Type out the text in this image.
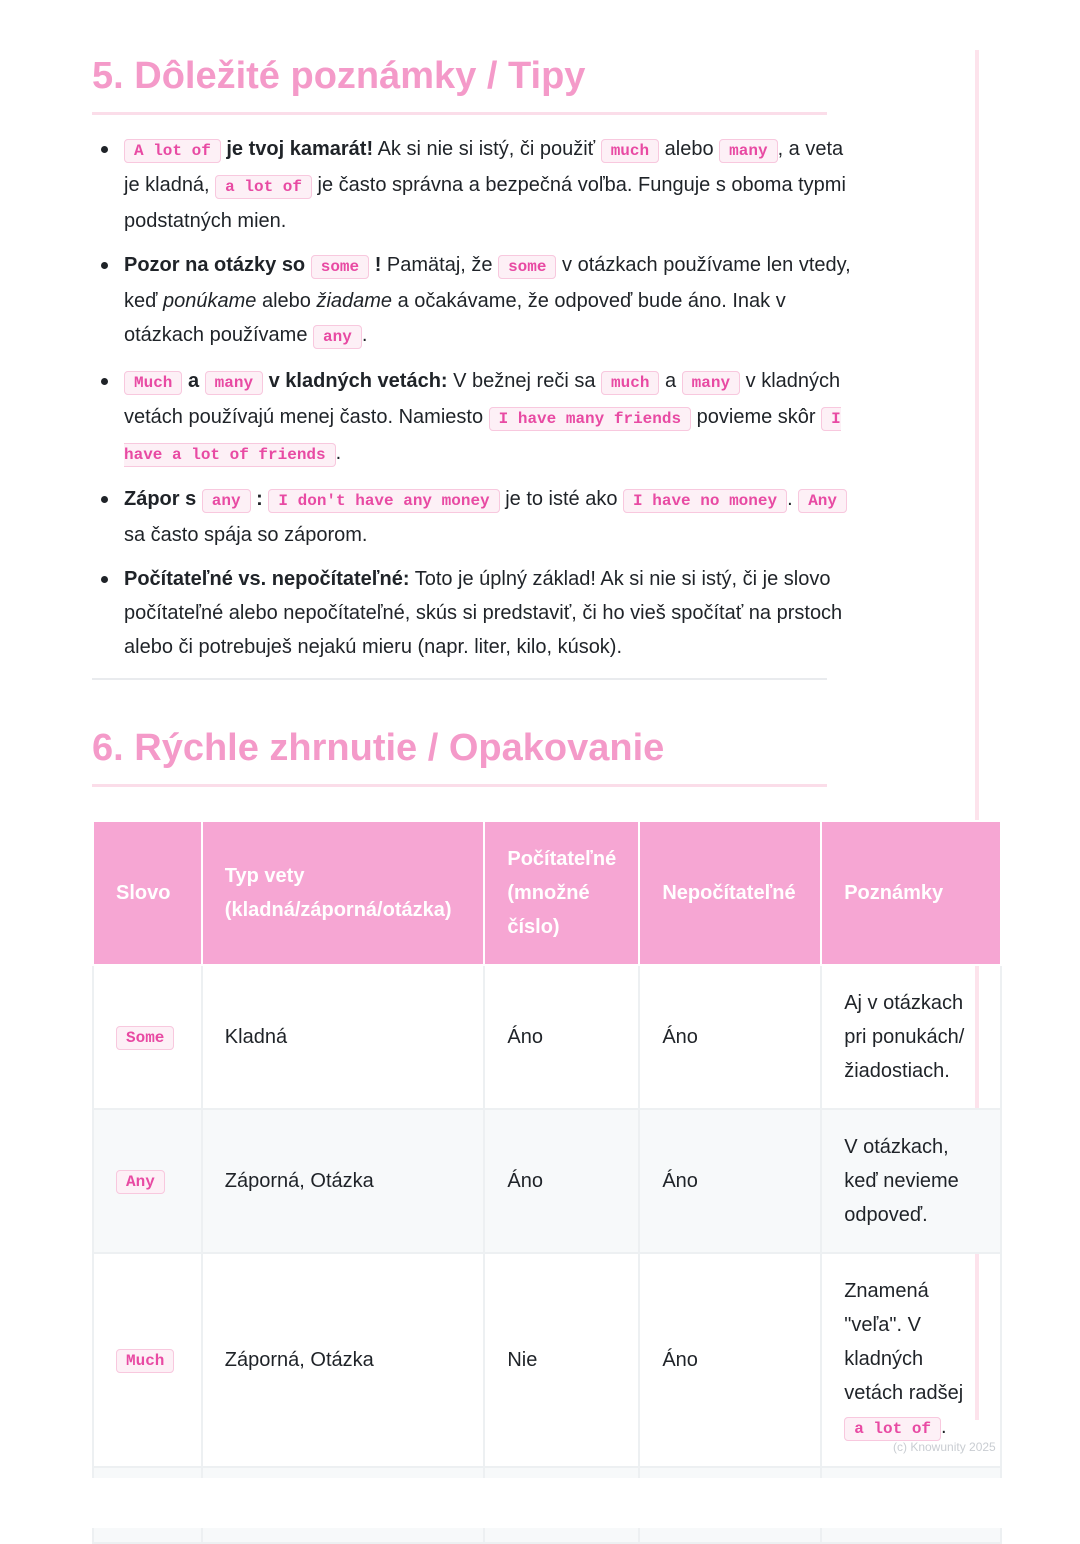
5. Dôležité poznámky / Tipy
A lot of je tvoj kamarát! Ak si nie si istý, či použiť much alebo many , a veta je kladná, a lot of je často správna a bezpečná voľba. Funguje s oboma typmi podstatných mien.
Pozor na otázky so some ! Pamätaj, že some v otázkach používame len vtedy, keď ponúkame alebo žiadame a očakávame, že odpoveď bude áno. Inak v otázkach používame any .
Much a many v kladných vetách: V bežnej reči sa much a many v kladných vetách používajú menej často. Namiesto I have many friends povieme skôr I have a lot of friends .
Zápor s any : I don't have any money je to isté ako I have no money . Any sa často spája so záporom.
Počítateľné vs. nepočítateľné: Toto je úplný základ! Ak si nie si istý, či je slovo počítateľné alebo nepočítateľné, skús si predstaviť, či ho vieš spočítať na prstoch alebo či potrebuješ nejakú mieru (napr. liter, kilo, kúsok).
6. Rýchle zhrnutie / Opakovanie
Slovo	Typ vety (kladná/záporná/otázka)	Počítateľné (množné číslo)	Nepočítateľné	Poznámky
Some	Kladná	Áno	Áno	Aj v otázkach pri ponukách/ žiadostiach.
Any	Záporná, Otázka	Áno	Áno	V otázkach, keď nevieme odpoveď.
Much	Záporná, Otázka	Nie	Áno	Znamená "veľa". V kladných vetách radšej a lot of .

(c) Knowunity 2025
